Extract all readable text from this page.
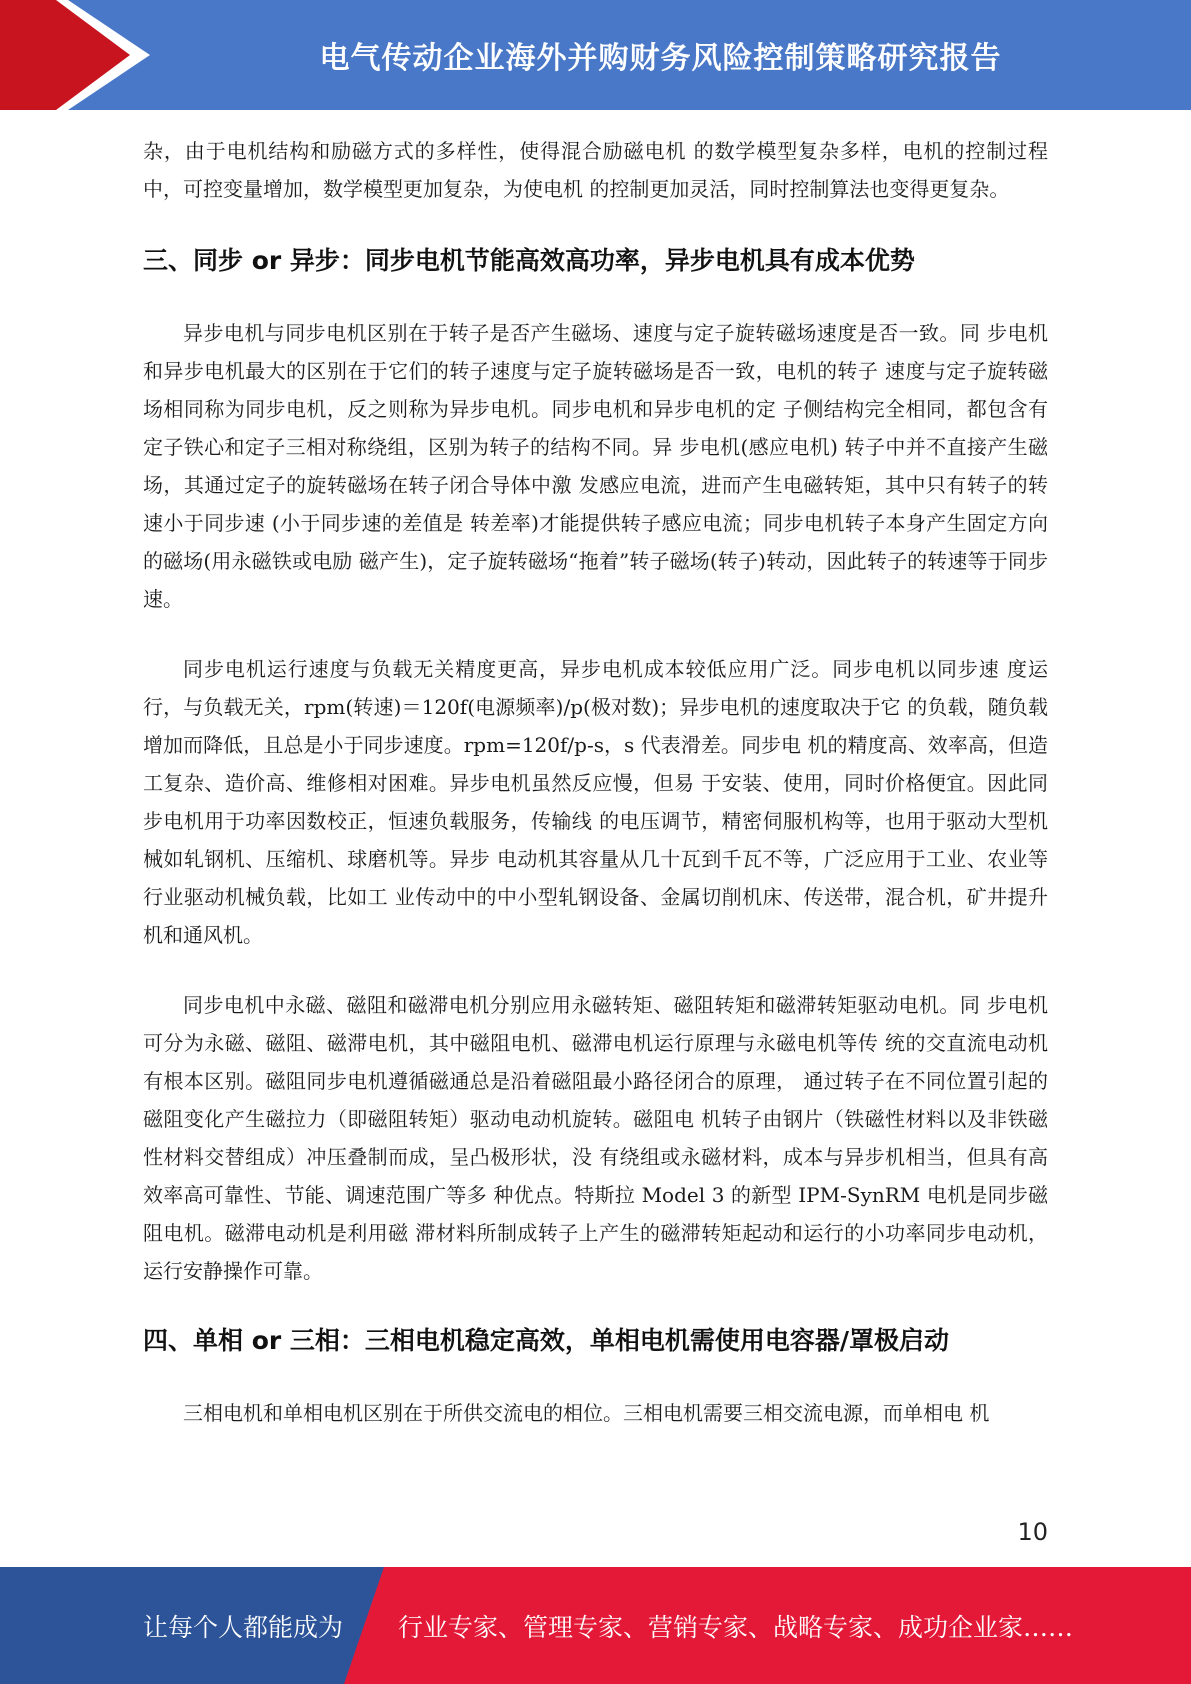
电气传动企业海外并购财务风险控制策略研究报告

杂，由于电机结构和励磁方式的多样性，使得混合励磁电机 的数学模型复杂多样，电机的控制过程中，可控变量增加，数学模型更加复杂，为使电机 的控制更加灵活，同时控制算法也变得更复杂。

三、同步 or 异步：同步电机节能高效高功率，异步电机具有成本优势

异步电机与同步电机区别在于转子是否产生磁场、速度与定子旋转磁场速度是否一致。同 步电机和异步电机最大的区别在于它们的转子速度与定子旋转磁场是否一致，电机的转子 速度与定子旋转磁场相同称为同步电机，反之则称为异步电机。同步电机和异步电机的定 子侧结构完全相同，都包含有定子铁心和定子三相对称绕组，区别为转子的结构不同。异 步电机(感应电机) 转子中并不直接产生磁场，其通过定子的旋转磁场在转子闭合导体中激 发感应电流，进而产生电磁转矩，其中只有转子的转速小于同步速 (小于同步速的差值是 转差率)才能提供转子感应电流；同步电机转子本身产生固定方向的磁场(用永磁铁或电励 磁产生)，定子旋转磁场“拖着”转子磁场(转子)转动，因此转子的转速等于同步速。

同步电机运行速度与负载无关精度更高，异步电机成本较低应用广泛。同步电机以同步速 度运行，与负载无关，rpm(转速)＝120f(电源频率)/p(极对数)；异步电机的速度取决于它 的负载，随负载增加而降低，且总是小于同步速度。rpm=120f/p-s，s 代表滑差。同步电 机的精度高、效率高，但造工复杂、造价高、维修相对困难。异步电机虽然反应慢，但易 于安装、使用，同时价格便宜。因此同步电机用于功率因数校正，恒速负载服务，传输线 的电压调节，精密伺服机构等，也用于驱动大型机械如轧钢机、压缩机、球磨机等。异步 电动机其容量从几十瓦到千瓦不等，广泛应用于工业、农业等行业驱动机械负载，比如工 业传动中的中小型轧钢设备、金属切削机床、传送带，混合机，矿井提升机和通风机。

同步电机中永磁、磁阻和磁滞电机分别应用永磁转矩、磁阻转矩和磁滞转矩驱动电机。同 步电机可分为永磁、磁阻、磁滞电机，其中磁阻电机、磁滞电机运行原理与永磁电机等传 统的交直流电动机有根本区别。磁阻同步电机遵循磁通总是沿着磁阻最小路径闭合的原理， 通过转子在不同位置引起的磁阻变化产生磁拉力（即磁阻转矩）驱动电动机旋转。磁阻电 机转子由钢片（铁磁性材料以及非铁磁性材料交替组成）冲压叠制而成，呈凸极形状，没 有绕组或永磁材料，成本与异步机相当，但具有高效率高可靠性、节能、调速范围广等多 种优点。特斯拉 Model 3 的新型 IPM-SynRM 电机是同步磁阻电机。磁滞电动机是利用磁 滞材料所制成转子上产生的磁滞转矩起动和运行的小功率同步电动机，运行安静操作可靠。

四、单相 or 三相：三相电机稳定高效，单相电机需使用电容器/罩极启动

三相电机和单相电机区别在于所供交流电的相位。三相电机需要三相交流电源，而单相电 机

10
让每个人都能成为 行业专家、管理专家、营销专家、战略专家、成功企业家……
